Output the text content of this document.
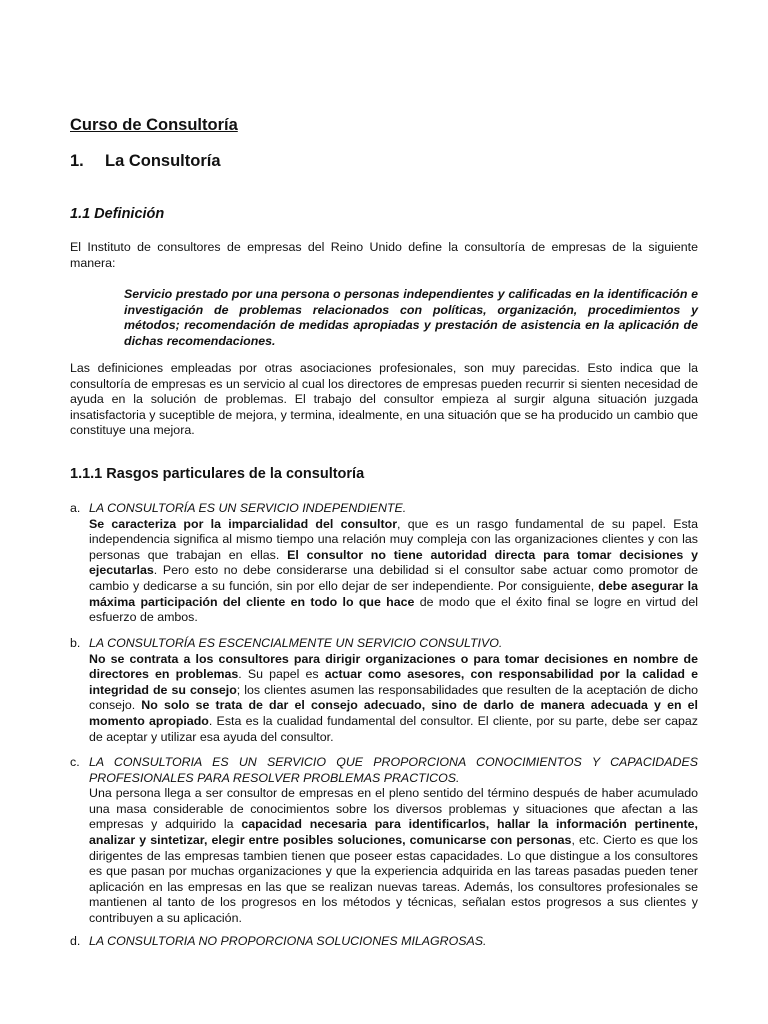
Curso de Consultoría
1. La Consultoría
1.1 Definición

El Instituto de consultores de empresas del Reino Unido define la consultoría de empresas de la siguiente manera:

Servicio prestado por una persona o personas independientes y calificadas en la identificación e investigación de problemas relacionados con políticas, organización, procedimientos y métodos; recomendación de medidas apropiadas y prestación de asistencia en la aplicación de dichas recomendaciones.

Las definiciones empleadas por otras asociaciones profesionales, son muy parecidas. Esto indica que la consultoría de empresas es un servicio al cual los directores de empresas pueden recurrir si sienten necesidad de ayuda en la solución de problemas. El trabajo del consultor empieza al surgir alguna situación juzgada insatisfactoria y suceptible de mejora, y termina, idealmente, en una situación que se ha producido un cambio que constituye una mejora.

1.1.1 Rasgos particulares de la consultoría
a. LA CONSULTORÍA ES UN SERVICIO INDEPENDIENTE.

Se caracteriza por la imparcialidad del consultor, que es un rasgo fundamental de su papel. Esta independencia significa al mismo tiempo una relación muy compleja con las organizaciones clientes y con las personas que trabajan en ellas. El consultor no tiene autoridad directa para tomar decisiones y ejecutarlas. Pero esto no debe considerarse una debilidad si el consultor sabe actuar como promotor de cambio y dedicarse a su función, sin por ello dejar de ser independiente. Por consiguiente, debe asegurar la máxima participación del cliente en todo lo que hace de modo que el éxito final se logre en virtud del esfuerzo de ambos.

b. LA CONSULTORÍA ES ESCENCIALMENTE UN SERVICIO CONSULTIVO.

No se contrata a los consultores para dirigir organizaciones o para tomar decisiones en nombre de directores en problemas. Su papel es actuar como asesores, con responsabilidad por la calidad e integridad de su consejo; los clientes asumen las responsabilidades que resulten de la aceptación de dicho consejo. No solo se trata de dar el consejo adecuado, sino de darlo de manera adecuada y en el momento apropiado. Esta es la cualidad fundamental del consultor. El cliente, por su parte, debe ser capaz de aceptar y utilizar esa ayuda del consultor.

c. LA CONSULTORIA ES UN SERVICIO QUE PROPORCIONA CONOCIMIENTOS Y CAPACIDADES PROFESIONALES PARA RESOLVER PROBLEMAS PRACTICOS.

Una persona llega a ser consultor de empresas en el pleno sentido del término después de haber acumulado una masa considerable de conocimientos sobre los diversos problemas y situaciones que afectan a las empresas y adquirido la capacidad necesaria para identificarlos, hallar la información pertinente, analizar y sintetizar, elegir entre posibles soluciones, comunicarse con personas, etc. Cierto es que los dirigentes de las empresas tambien tienen que poseer estas capacidades. Lo que distingue a los consultores es que pasan por muchas organizaciones y que la experiencia adquirida en las tareas pasadas pueden tener aplicación en las empresas en las que se realizan nuevas tareas. Además, los consultores profesionales se mantienen al tanto de los progresos en los métodos y técnicas, señalan estos progresos a sus clientes y contribuyen a su aplicación.

d. LA CONSULTORIA NO PROPORCIONA SOLUCIONES MILAGROSAS.
